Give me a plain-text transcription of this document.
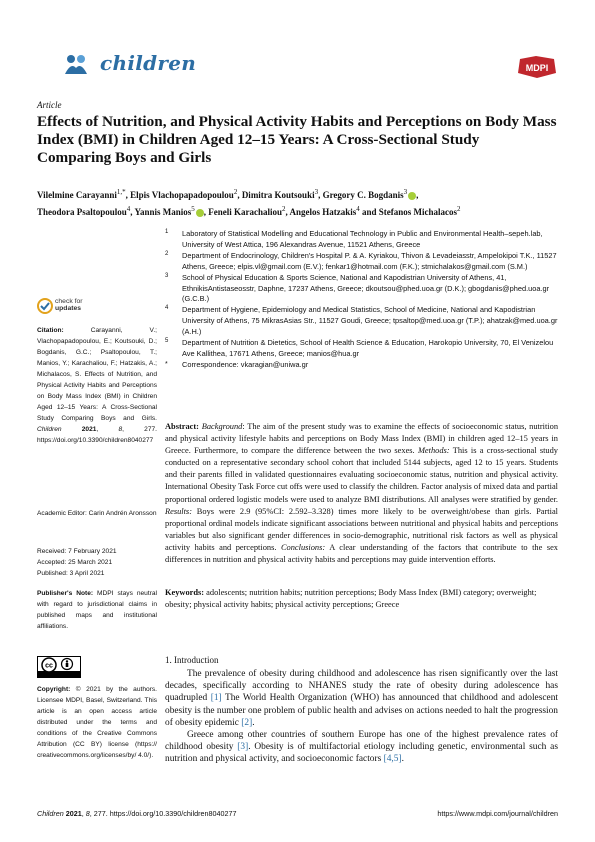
children	MDPI
Article
Effects of Nutrition, and Physical Activity Habits and Perceptions on Body Mass Index (BMI) in Children Aged 12–15 Years: A Cross-Sectional Study Comparing Boys and Girls
Vilelmine Carayanni$^{1,*}$, Elpis Vlachopapadopoulou$^2$, Dimitra Koutsouki$^3$, Gregory C. Bogdanis$^3$ ,
Theodora Psaltopoulou$^4$, Yannis Manios$^5$ , Feneli Karachaliou$^2$, Angelos Hatzakis$^4$ and Stefanos Michalacos$^2$
1 Laboratory of Statistical Modelling and Educational Technology in Public and Environmental Health–sepeh.lab, University of West Attica, 196 Alexandras Avenue, 11521 Athens, Greece
2 Department of Endocrinology, Children's Hospital P. & A. Kyriakou, Thivon & Levadeiasstr, Ampelokipoi T.K., 11527 Athens, Greece; elpis.vl@gmail.com (E.V.); fenkar1@hotmail.com (F.K.); stmichalakos@gmail.com (S.M.)
3 School of Physical Education & Sports Science, National and Kapodistrian University of Athens, 41, EthnikisAntistaseosstr, Daphne, 17237 Athens, Greece; dkoutsou@phed.uoa.gr (D.K.); gbogdanis@phed.uoa.gr (G.C.B.)
4 Department of Hygiene, Epidemiology and Medical Statistics, School of Medicine, National and Kapodistrian University of Athens, 75 MikrasAsias Str., 11527 Goudi, Greece; tpsaltop@med.uoa.gr (T.P.); ahatzak@med.uoa.gr (A.H.)
5 Department of Nutrition & Dietetics, School of Health Science & Education, Harokopio University, 70, El Venizelou Ave Kallithea, 17671 Athens, Greece; manios@hua.gr
* Correspondence: vkaragian@uniwa.gr
check for
updates
Citation:	Carayanni, V.; Vlachopapadopoulou, E.; Koutsouki, D.; Bogdanis, G.C.; Psaltopoulou, T.; Manios, Y.; Karachaliou, F.; Hatzakis, A.; Michalacos, S. Effects of Nutrition, and Physical Activity Habits and Perceptions on Body Mass Index (BMI) in Children Aged 12–15 Years: A Cross-Sectional Study Comparing Boys and Girls. Children	2021, 8, 277. https://doi.org/10.3390/children8040277
Academic Editor: Carin Andrén Aronsson
Received: 7 February 2021
Accepted: 25 March 2021
Published: 3 April 2021
Publisher's Note: MDPI stays neutral with regard to jurisdictional claims in published maps and institutional affiliations.
cc
Copyright: © 2021 by the authors. Licensee MDPI, Basel, Switzerland. This article is an open access article distributed under the terms and conditions of the Creative Commons Attribution (CC BY) license (https:// creativecommons.org/licenses/by/ 4.0/).
Abstract: Background: The aim of the present study was to examine the effects of socioeconomic status, nutrition and physical activity lifestyle habits and perceptions on Body Mass Index (BMI) in children aged 12–15 years in Greece. Furthermore, to compare the difference between the two sexes. Methods: This is a cross-sectional study conducted on a representative secondary school cohort that included 5144 subjects, aged 12 to 15 years. Students and their parents filled in validated questionnaires evaluating socioeconomic status, nutrition and physical activity. International Obesity Task Force cut offs were used to classify the children. Factor analysis of mixed data and partial proportional ordered logistic models were used to analyze BMI distributions. All analyses were stratified by gender. Results: Boys were 2.9 (95%CI: 2.592–3.328) times more likely to be overweight/obese than girls. Partial proportional ordinal models indicate significant associations between nutritional and physical habits and perceptions variables but also significant gender differences in socio-demographic, nutritional risk factors as well as physical activity habits and perceptions. Conclusions: A clear understanding of the factors that contribute to the sex differences in nutrition and physical activity habits and perceptions may guide intervention efforts.
Keywords: adolescents; nutrition habits; nutrition perceptions; Body Mass Index (BMI) category; overweight; obesity; physical activity habits; physical activity perceptions; Greece
1. Introduction

The prevalence of obesity during childhood and adolescence has risen significantly over the last decades, specifically according to NHANES study the rate of obesity during adolescence has quadrupled [1] The World Health Organization (WHO) has announced that childhood and adolescent obesity is the number one problem of public health and advises on actions needed to halt the progression of obesity epidemic [2].

Greece among other countries of southern Europe has one of the highest prevalence rates of childhood obesity [3]. Obesity is of multifactorial etiology including genetic, environmental such as nutrition and physical activity, and socioeconomic factors [4,5].

Children 2021, 8, 277. https://doi.org/10.3390/children8040277	https://www.mdpi.com/journal/children
